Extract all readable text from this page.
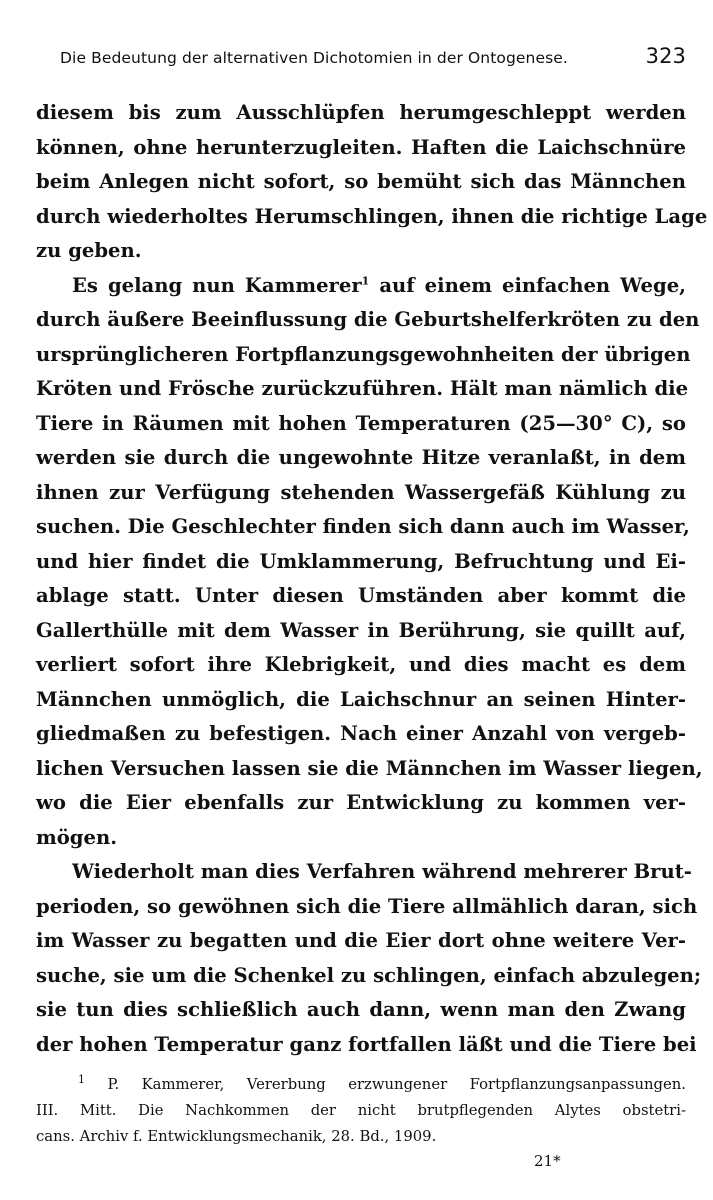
Die Bedeutung der alternativen Dichotomien in der Ontogenese.	323

diesem bis zum Ausschlüpfen herumgeschleppt werden

können, ohne herunterzugleiten. Haften die Laichschnüre

beim Anlegen nicht sofort, so bemüht sich das Männchen

durch wiederholtes Herumschlingen, ihnen die richtige Lage

zu geben.

Es gelang nun Kammerer$^1$ auf einem einfachen Wege,

durch äußere Beeinflussung die Geburtshelferkröten zu den

ursprünglicheren Fortpflanzungsgewohnheiten der übrigen

Kröten und Frösche zurückzuführen. Hält man nämlich die

Tiere in Räumen mit hohen Temperaturen (25—30° C), so

werden sie durch die ungewohnte Hitze veranlaßt, in dem

ihnen zur Verfügung stehenden Wassergefäß Kühlung zu

suchen. Die Geschlechter finden sich dann auch im Wasser,

und hier findet die Umklammerung, Befruchtung und Ei-

ablage statt. Unter diesen Umständen aber kommt die

Gallerthülle mit dem Wasser in Berührung, sie quillt auf,

verliert sofort ihre Klebrigkeit, und dies macht es dem

Männchen unmöglich, die Laichschnur an seinen Hinter-

gliedmaßen zu befestigen. Nach einer Anzahl von vergeb-

lichen Versuchen lassen sie die Männchen im Wasser liegen,

wo die Eier ebenfalls zur Entwicklung zu kommen ver-

mögen.

Wiederholt man dies Verfahren während mehrerer Brut-

perioden, so gewöhnen sich die Tiere allmählich daran, sich

im Wasser zu begatten und die Eier dort ohne weitere Ver-

suche, sie um die Schenkel zu schlingen, einfach abzulegen;

sie tun dies schließlich auch dann, wenn man den Zwang

der hohen Temperatur ganz fortfallen läßt und die Tiere bei

$^1$ P. Kammerer, Vererbung erzwungener Fortpflanzungsanpassungen.

III. Mitt. Die Nachkommen der nicht brutpflegenden Alytes obstetri-

cans. Archiv f. Entwicklungsmechanik, 28. Bd., 1909.

21*
